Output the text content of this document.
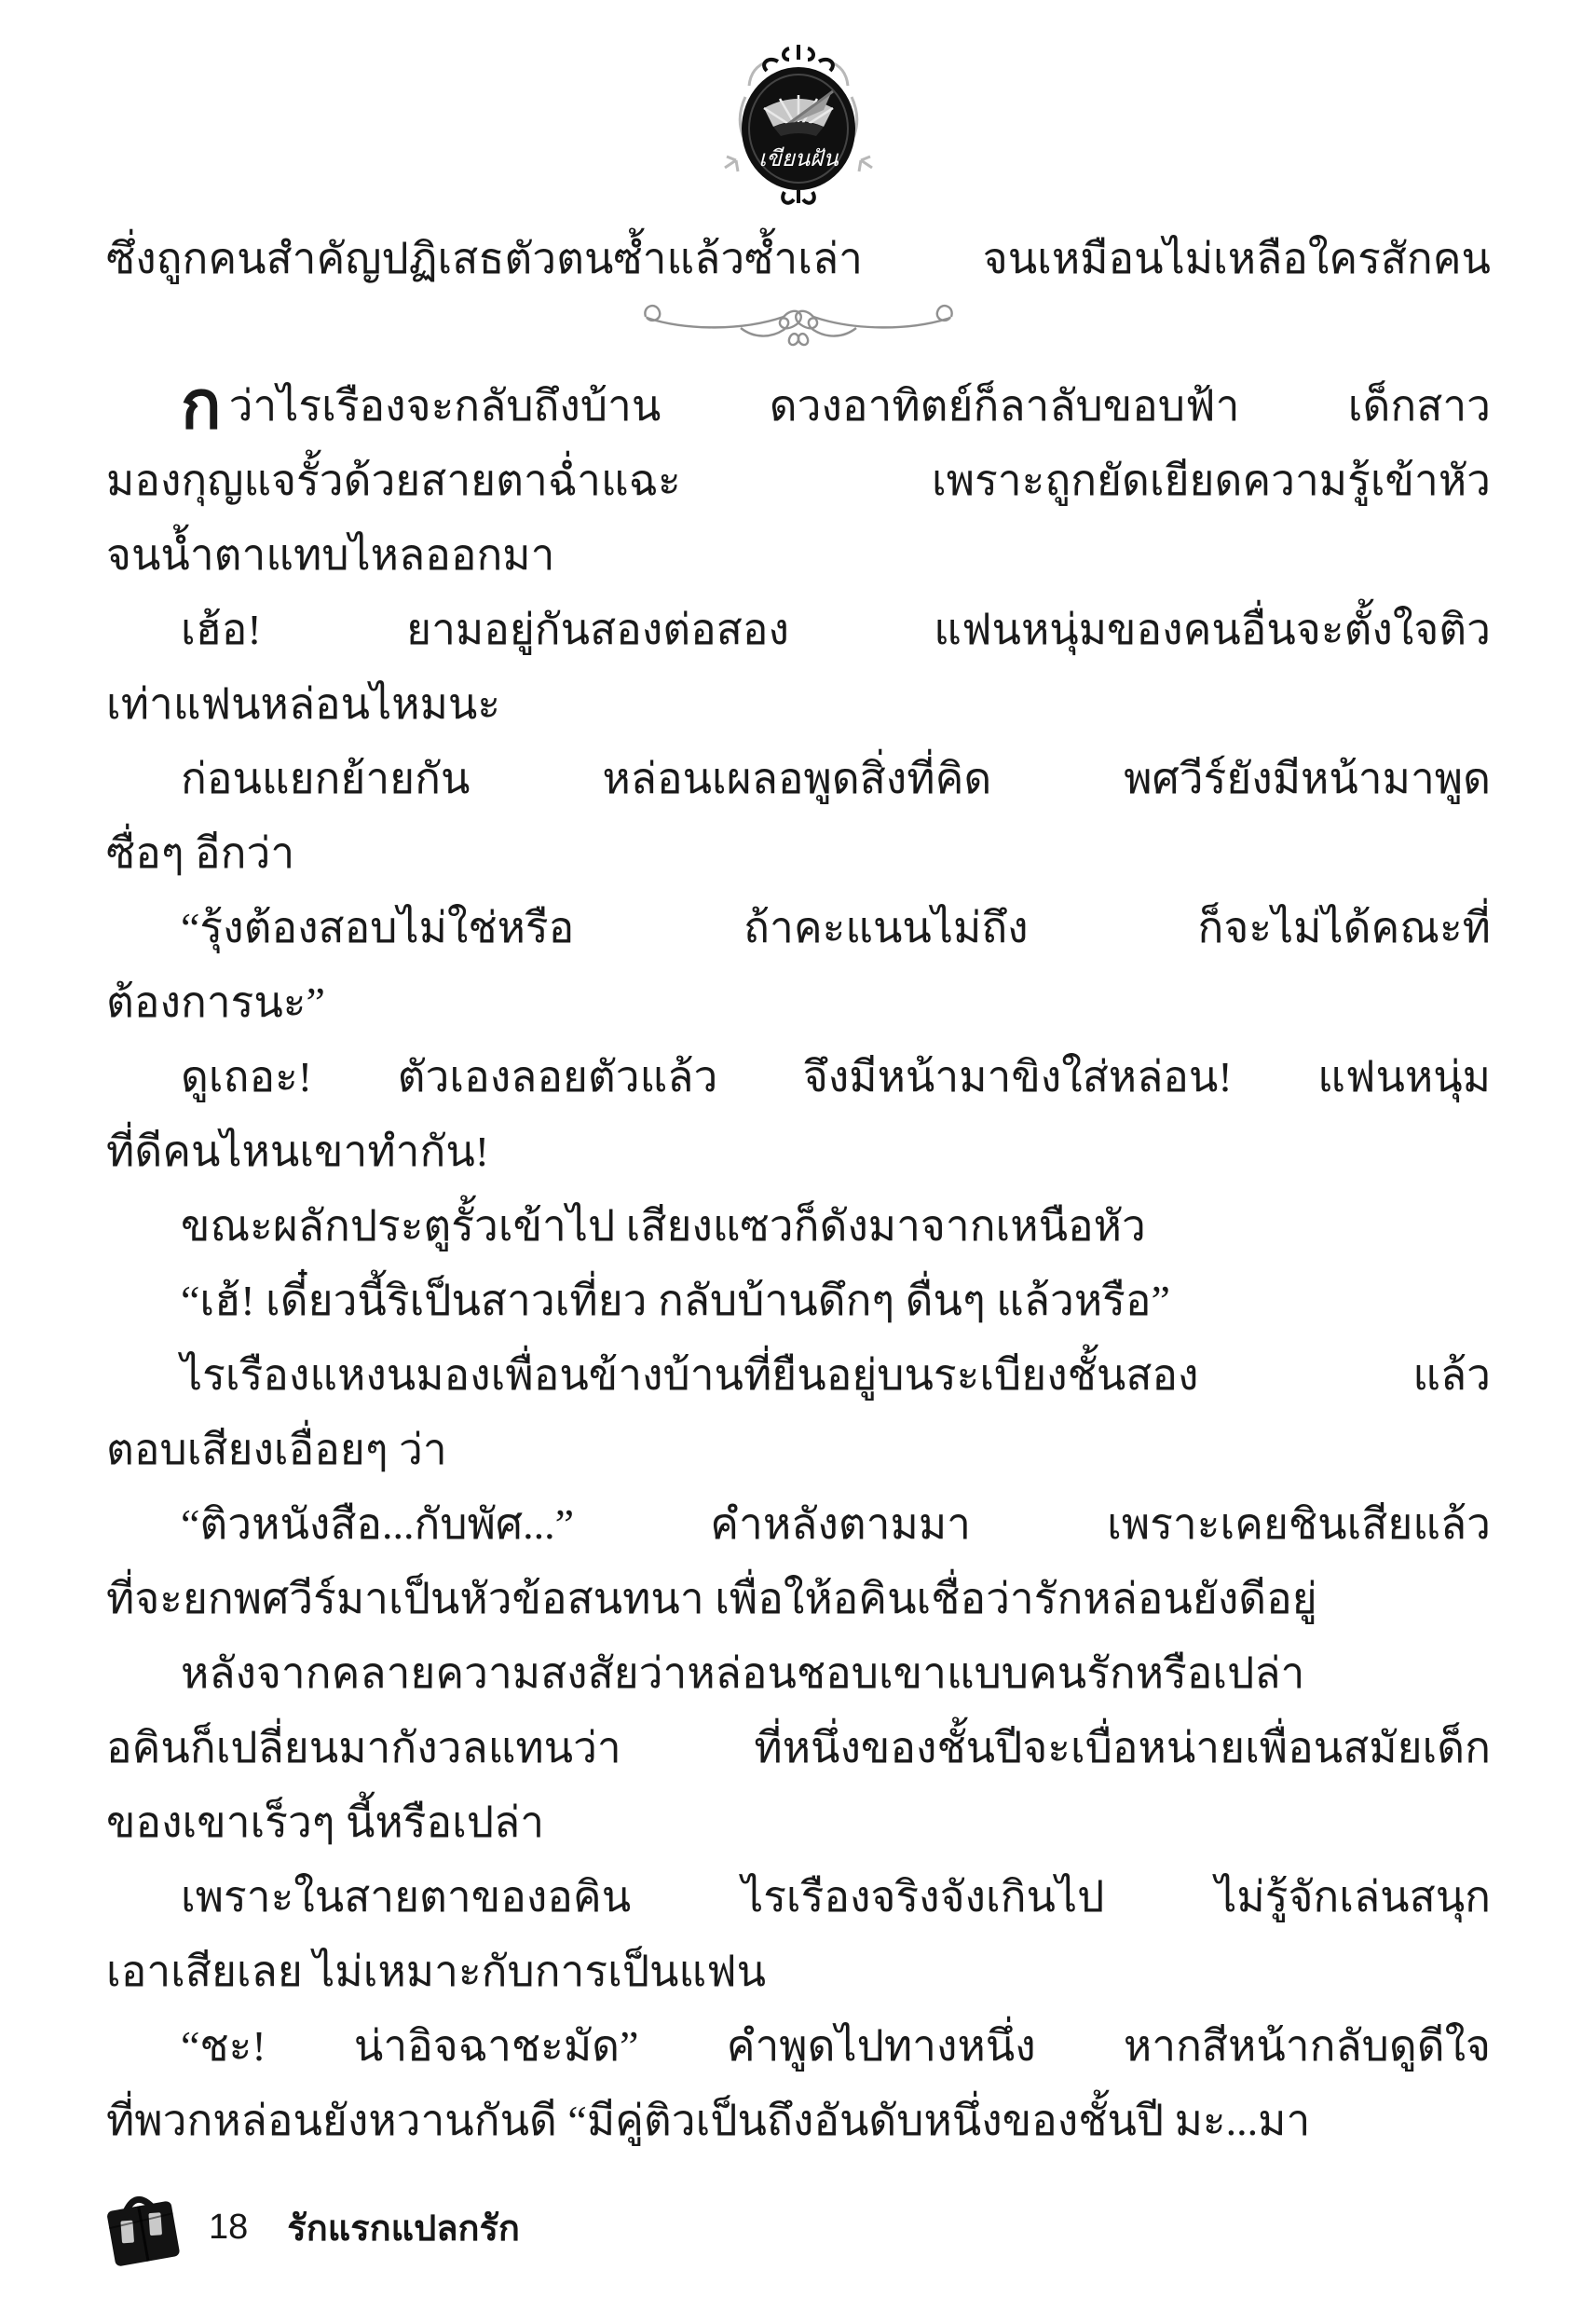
เขียนฝัน
ซึ่งถูกคนสำคัญปฏิเสธตัวตนซ้ำแล้วซ้ำเล่า จนเหมือนไม่เหลือใครสักคน
กว่าไรเรืองจะกลับถึงบ้าน ดวงอาทิตย์ก็ลาลับขอบฟ้า เด็กสาว
มองกุญแจรั้วด้วยสายตาฉ่ำแฉะ เพราะถูกยัดเยียดความรู้เข้าหัว
จนน้ำตาแทบไหลออกมา
เฮ้อ! ยามอยู่กันสองต่อสอง แฟนหนุ่มของคนอื่นจะตั้งใจติว
เท่าแฟนหล่อนไหมนะ
ก่อนแยกย้ายกัน หล่อนเผลอพูดสิ่งที่คิด พศวีร์ยังมีหน้ามาพูด
ซื่อๆ อีกว่า
“รุ้งต้องสอบไม่ใช่หรือ ถ้าคะแนนไม่ถึง ก็จะไม่ได้คณะที่
ต้องการนะ”
ดูเถอะ! ตัวเองลอยตัวแล้ว จึงมีหน้ามาขิงใส่หล่อน! แฟนหนุ่ม
ที่ดีคนไหนเขาทำกัน!
ขณะผลักประตูรั้วเข้าไป เสียงแซวก็ดังมาจากเหนือหัว
“เฮ้! เดี๋ยวนี้ริเป็นสาวเที่ยว กลับบ้านดึกๆ ดื่นๆ แล้วหรือ”
ไรเรืองแหงนมองเพื่อนข้างบ้านที่ยืนอยู่บนระเบียงชั้นสอง แล้ว
ตอบเสียงเอื่อยๆ ว่า
“ติวหนังสือ...กับพัศ...” คำหลังตามมา เพราะเคยชินเสียแล้ว
ที่จะยกพศวีร์มาเป็นหัวข้อสนทนา เพื่อให้อคินเชื่อว่ารักหล่อนยังดีอยู่
หลังจากคลายความสงสัยว่าหล่อนชอบเขาแบบคนรักหรือเปล่า
อคินก็เปลี่ยนมากังวลแทนว่า ที่หนึ่งของชั้นปีจะเบื่อหน่ายเพื่อนสมัยเด็ก
ของเขาเร็วๆ นี้หรือเปล่า
เพราะในสายตาของอคิน ไรเรืองจริงจังเกินไป ไม่รู้จักเล่นสนุก
เอาเสียเลย ไม่เหมาะกับการเป็นแฟน
“ชะ! น่าอิจฉาชะมัด” คำพูดไปทางหนึ่ง หากสีหน้ากลับดูดีใจ
ที่พวกหล่อนยังหวานกันดี “มีคู่ติวเป็นถึงอันดับหนึ่งของชั้นปี มะ...มา
18 รักแรกแปลกรัก
